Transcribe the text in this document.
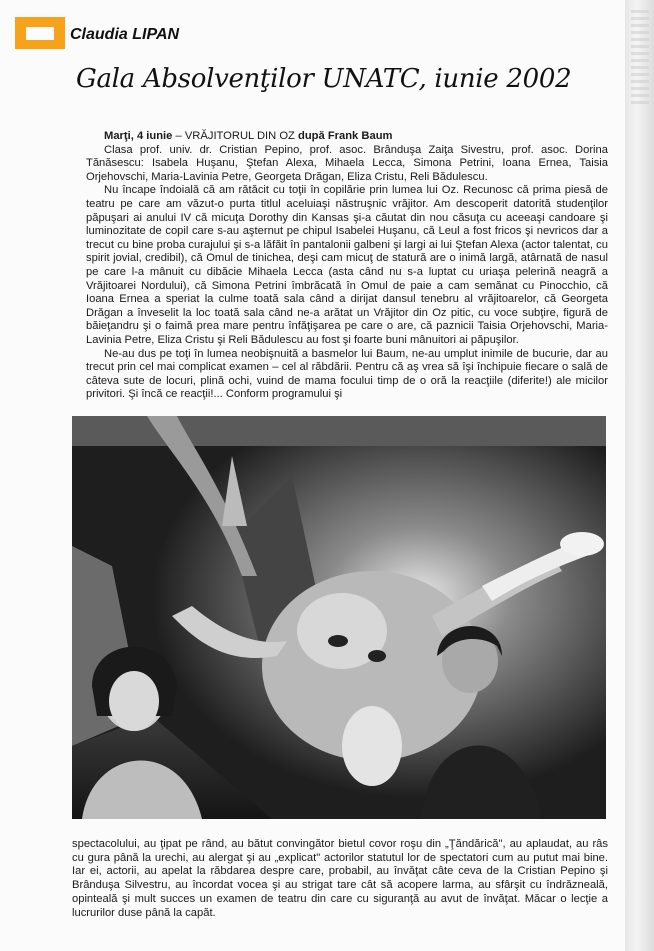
Claudia LIPAN
Gala Absolvenţilor UNATC, iunie 2002

Marţi, 4 iunie – VRĂJITORUL DIN OZ după Frank Baum

Clasa prof. univ. dr. Cristian Pepino, prof. asoc. Brânduşa Zaiţa Sivestru, prof. asoc. Dorina Tănăsescu: Isabela Huşanu, Ştefan Alexa, Mihaela Lecca, Simona Petrini, Ioana Ernea, Taisia Orjehovschi, Maria-Lavinia Petre, Georgeta Drăgan, Eliza Cristu, Reli Bădulescu.

Nu încape îndoială că am rătăcit cu toţii în copilărie prin lumea lui Oz. Recunosc că prima piesă de teatru pe care am văzut-o purta titlul aceluiaşi năstruşnic vrăjitor. Am descoperit datorită studenţilor păpuşari ai anului IV că micuţa Dorothy din Kansas şi-a căutat din nou căsuţa cu aceeaşi candoare şi luminozitate de copil care s-au aşternut pe chipul Isabelei Huşanu, că Leul a fost fricos şi nevricos dar a trecut cu bine proba curajului şi s-a lăfăit în pantalonii galbeni şi largi ai lui Ştefan Alexa (actor talentat, cu spirit jovial, credibil), că Omul de tinichea, deşi cam micuţ de statură are o inimă largă, atârnată de nasul pe care l-a mânuit cu dibăcie Mihaela Lecca (asta când nu s-a luptat cu uriaşa pelerină neagră a Vrăjitoarei Nordului), că Simona Petrini îmbrăcată în Omul de paie a cam semănat cu Pinocchio, că Ioana Ernea a speriat la culme toată sala când a dirijat dansul tenebru al vrăjitoarelor, că Georgeta Drăgan a înveselit la loc toată sala când ne-a arătat un Vrăjitor din Oz pitic, cu voce subţire, figură de băieţandru şi o faimă prea mare pentru înfăţişarea pe care o are, că paznicii Taisia Orjehovschi, Maria-Lavinia Petre, Eliza Cristu şi Reli Bădulescu au fost şi foarte buni mânuitori ai păpuşilor.

Ne-au dus pe toţi în lumea neobişnuită a basmelor lui Baum, ne-au umplut inimile de bucurie, dar au trecut prin cel mai complicat examen – cel al răbdării. Pentru că aş vrea să îşi închipuie fiecare o sală de câteva sute de locuri, plină ochi, vuind de mama focului timp de o oră la reacţiile (diferite!) ale micilor privitori. Şi încă ce reacţii!... Conform programului şi

spectacolului, au ţipat pe rând, au bătut convingător bietul covor roşu din „Ţăndărică", au aplaudat, au râs cu gura până la urechi, au alergat şi au „explicat" actorilor statutul lor de spectatori cum au putut mai bine. Iar ei, actorii, au apelat la răbdarea despre care, probabil, au învăţat câte ceva de la Cristian Pepino şi Brânduşa Silvestru, au încordat vocea şi au strigat tare cât să acopere larma, au sfârşit cu îndrăzneală, opinteală şi mult succes un examen de teatru din care cu siguranţă au avut de învăţat. Măcar o lecţie a lucrurilor duse până la capăt.
